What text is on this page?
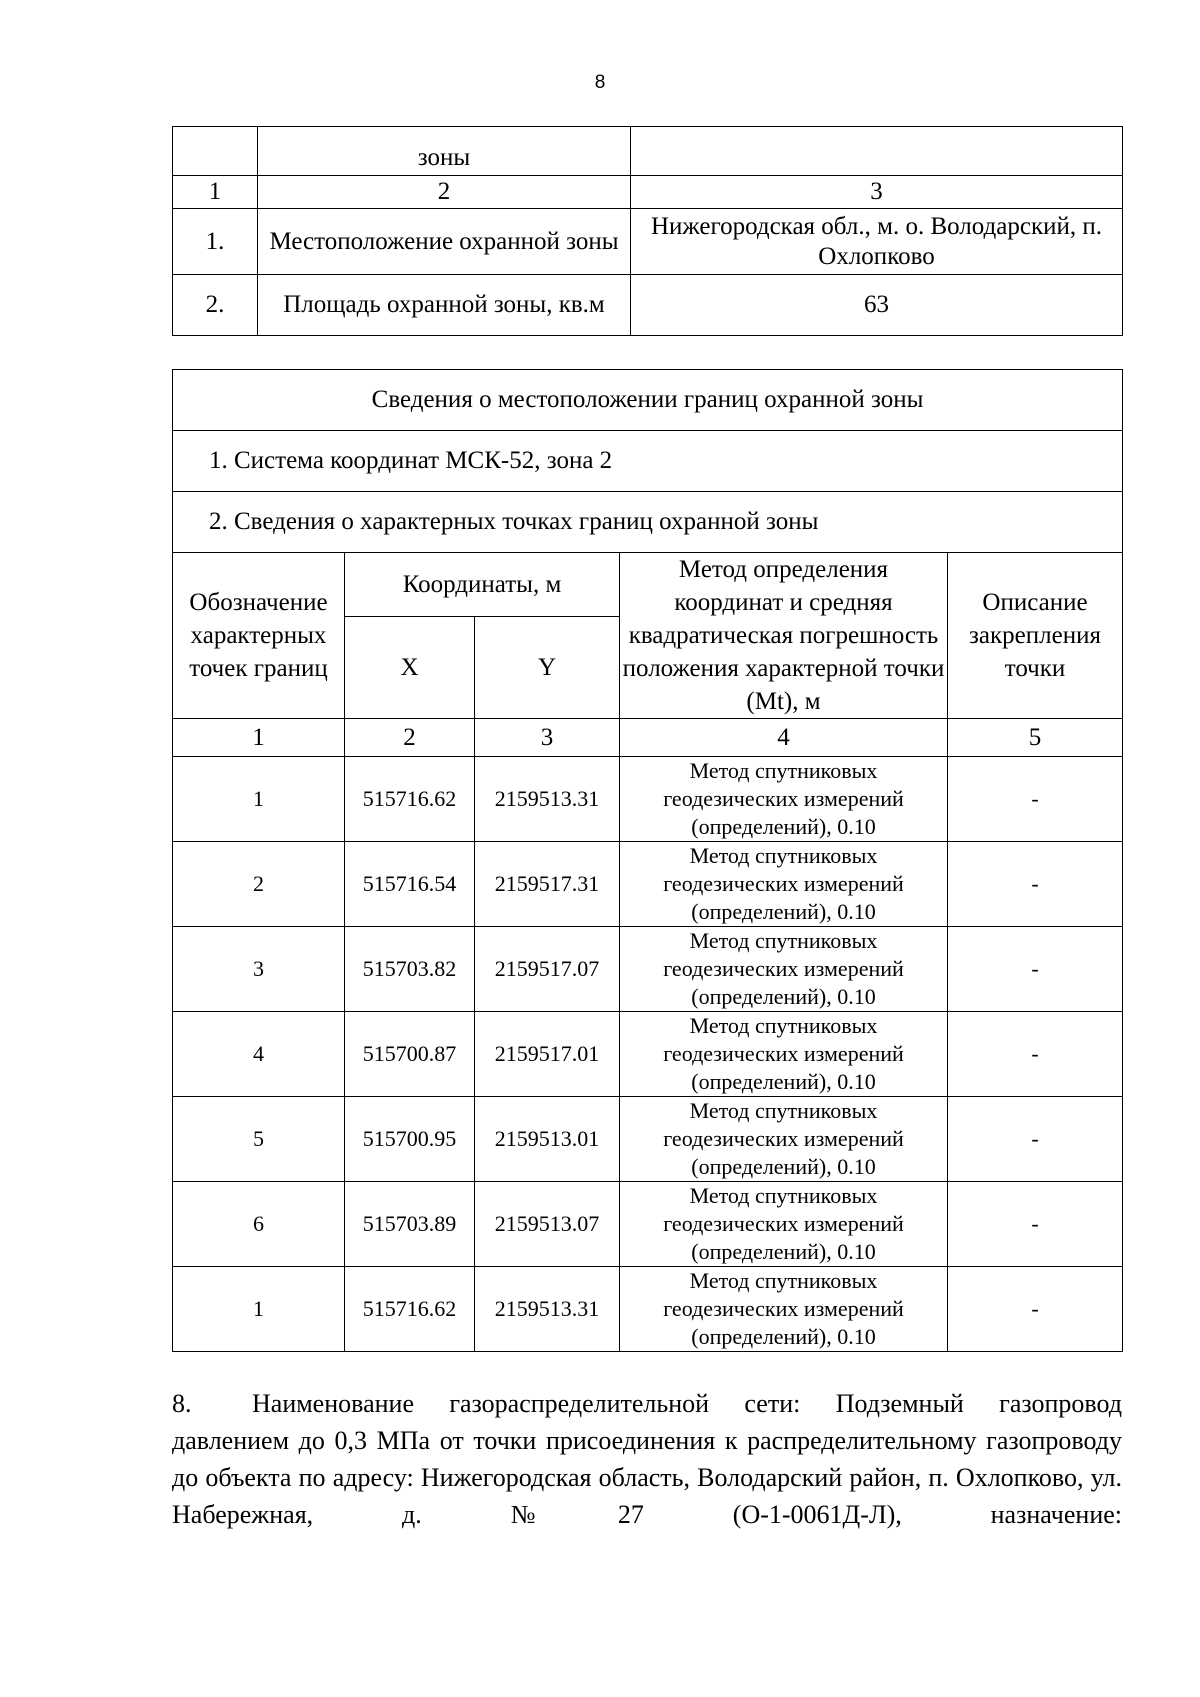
8
	зоны	
1	2	3
1.	Местоположение охранной зоны	Нижегородская обл., м. о. Володарский, п. Охлопково
2.	Площадь охранной зоны, кв.м	63
Сведения о местоположении границ охранной зоны				
1. Система координат МСК-52, зона 2				
2. Сведения о характерных точках границ охранной зоны				
Обозначение характерных точек границ	Координаты, м		Метод определения координат и средняя квадратическая погрешность положения характерной точки (Mt), м	Описание закрепления точки
	X	Y		
1	2	3	4	5
1	515716.62	2159513.31	Метод спутниковых геодезических измерений (определений), 0.10	-
2	515716.54	2159517.31	Метод спутниковых геодезических измерений (определений), 0.10	-
3	515703.82	2159517.07	Метод спутниковых геодезических измерений (определений), 0.10	-
4	515700.87	2159517.01	Метод спутниковых геодезических измерений (определений), 0.10	-
5	515700.95	2159513.01	Метод спутниковых геодезических измерений (определений), 0.10	-
6	515703.89	2159513.07	Метод спутниковых геодезических измерений (определений), 0.10	-
1	515716.62	2159513.31	Метод спутниковых геодезических измерений (определений), 0.10	-
8. Наименование газораспределительной сети: Подземный газопровод давлением до 0,3 МПа от точки присоединения к распределительному газопроводу до объекта по адресу: Нижегородская область, Володарский район, п. Охлопково, ул. Набережная, д. №27 (О-1-0061Д-Л), назначение:
